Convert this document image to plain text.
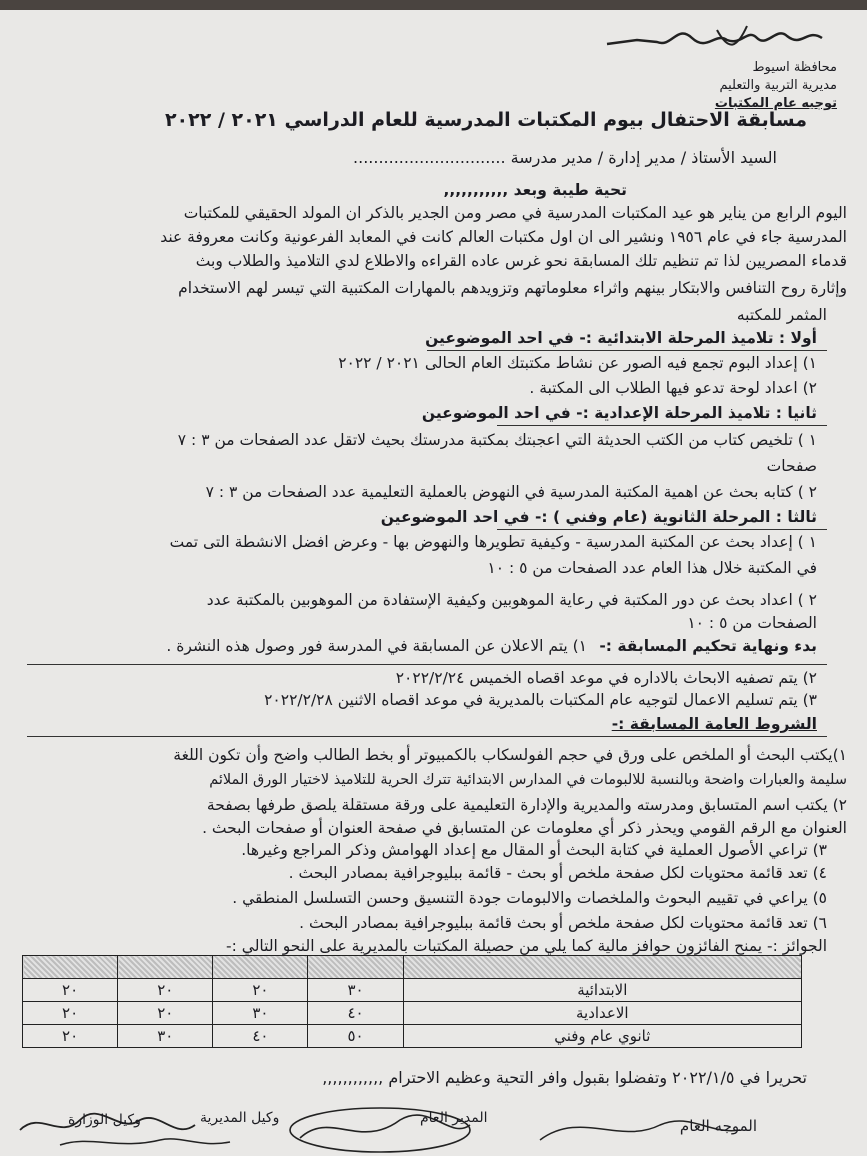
محافظة اسيوط
مديرية التربية والتعليم
توجيه عام المكتبات
مسابقة الاحتفال بيوم المكتبات المدرسية للعام الدراسي ٢٠٢١ / ٢٠٢٢
السيد الأستاذ / مدير إدارة / مدير مدرسة ..............................
تحية طيبة وبعد ,,,,,,,,,,,
اليوم الرابع من يناير هو عيد المكتبات المدرسية في مصر ومن الجدير بالذكر ان المولد الحقيقي للمكتبات
المدرسية جاء في عام ١٩٥٦ ونشير الى ان اول مكتبات العالم كانت في المعابد الفرعونية وكانت معروفة عند
قدماء المصريين لذا تم تنظيم تلك المسابقة نحو غرس عاده القراءه والاطلاع لدي التلاميذ والطلاب وبث
وإثارة روح التنافس والابتكار بينهم واثراء معلوماتهم وتزويدهم بالمهارات المكتبية التي تيسر لهم الاستخدام
المثمر للمكتبه
أولا : تلاميذ المرحلة الابتدائية :- في احد الموضوعين
١) إعداد البوم تجمع فيه الصور عن نشاط مكتبتك العام الحالى ٢٠٢١ / ٢٠٢٢
٢) اعداد لوحة تدعو فيها الطلاب الى المكتبة .
ثانيا : تلاميذ المرحلة الإعدادية :- في احد الموضوعين
١ ) تلخيص كتاب من الكتب الحديثة التي اعجبتك بمكتبة مدرستك بحيث لاتقل عدد الصفحات من ٣ : ٧
صفحات
٢ ) كتابه بحث عن اهمية المكتبة المدرسية في النهوض بالعملية التعليمية عدد الصفحات من ٣ : ٧
ثالثا : المرحلة الثانوية (عام وفني ) :- في احد الموضوعين
١ ) إعداد بحث عن المكتبة المدرسية - وكيفية تطويرها والنهوض بها - وعرض افضل الانشطة التى تمت
في المكتبة خلال هذا العام عدد الصفحات من ٥ : ١٠
٢ ) اعداد بحث عن دور المكتبة في رعاية الموهوبين وكيفية الإستفادة من الموهوبين بالمكتبة عدد
الصفحات من ٥ : ١٠
بدء ونهاية تحكيم المسابقة :-
١) يتم الاعلان عن المسابقة في المدرسة فور وصول هذه النشرة .
٢) يتم تصفيه الابحاث بالاداره في موعد اقصاه الخميس ٢٠٢٢/٢/٢٤
٣) يتم تسليم الاعمال لتوجيه عام المكتبات بالمديرية في موعد اقصاه الاثنين ٢٠٢٢/٢/٢٨
الشروط العامة المسابقة :-
١)يكتب البحث أو الملخص على ورق في حجم الفولسكاب بالكمبيوتر أو بخط الطالب واضح وأن تكون اللغة
سليمة والعبارات واضحة وبالنسبة للالبومات في المدارس الابتدائية تترك الحرية للتلاميذ لاختيار الورق الملائم
٢) يكتب اسم المتسابق ومدرسته والمديرية والإدارة التعليمية على ورقة مستقلة يلصق طرفها بصفحة
العنوان مع الرقم القومي ويحذر ذكر أي معلومات عن المتسابق في صفحة العنوان أو صفحات البحث .
٣) تراعي الأصول العملية في كتابة البحث أو المقال مع إعداد الهوامش وذكر المراجع وغيرها.
٤) تعد قائمة محتويات لكل صفحة ملخص أو بحث - قائمة ببليوجرافية بمصادر البحث .
٥) يراعي في تقييم البحوث والملخصات والالبومات جودة التنسيق وحسن التسلسل المنطقي .
٦) تعد قائمة محتويات لكل صفحة ملخص أو بحث قائمة ببليوجرافية بمصادر البحث .
الجوائز :- يمنح الفائزون حوافز مالية كما يلي من حصيلة المكتبات بالمديرية على النحو التالي :-

الابتدائية	٣٠	٢٠	٢٠	٢٠
الاعدادية	٤٠	٣٠	٢٠	٢٠
ثانوي عام وفني	٥٠	٤٠	٣٠	٢٠
تحريرا في ٢٠٢٢/١/٥ وتفضلوا بقبول وافر التحية وعظيم الاحترام ,,,,,,,,,,,,
وكيل الوزارة	وكيل المديرية	المدير العام	الموجه العام
